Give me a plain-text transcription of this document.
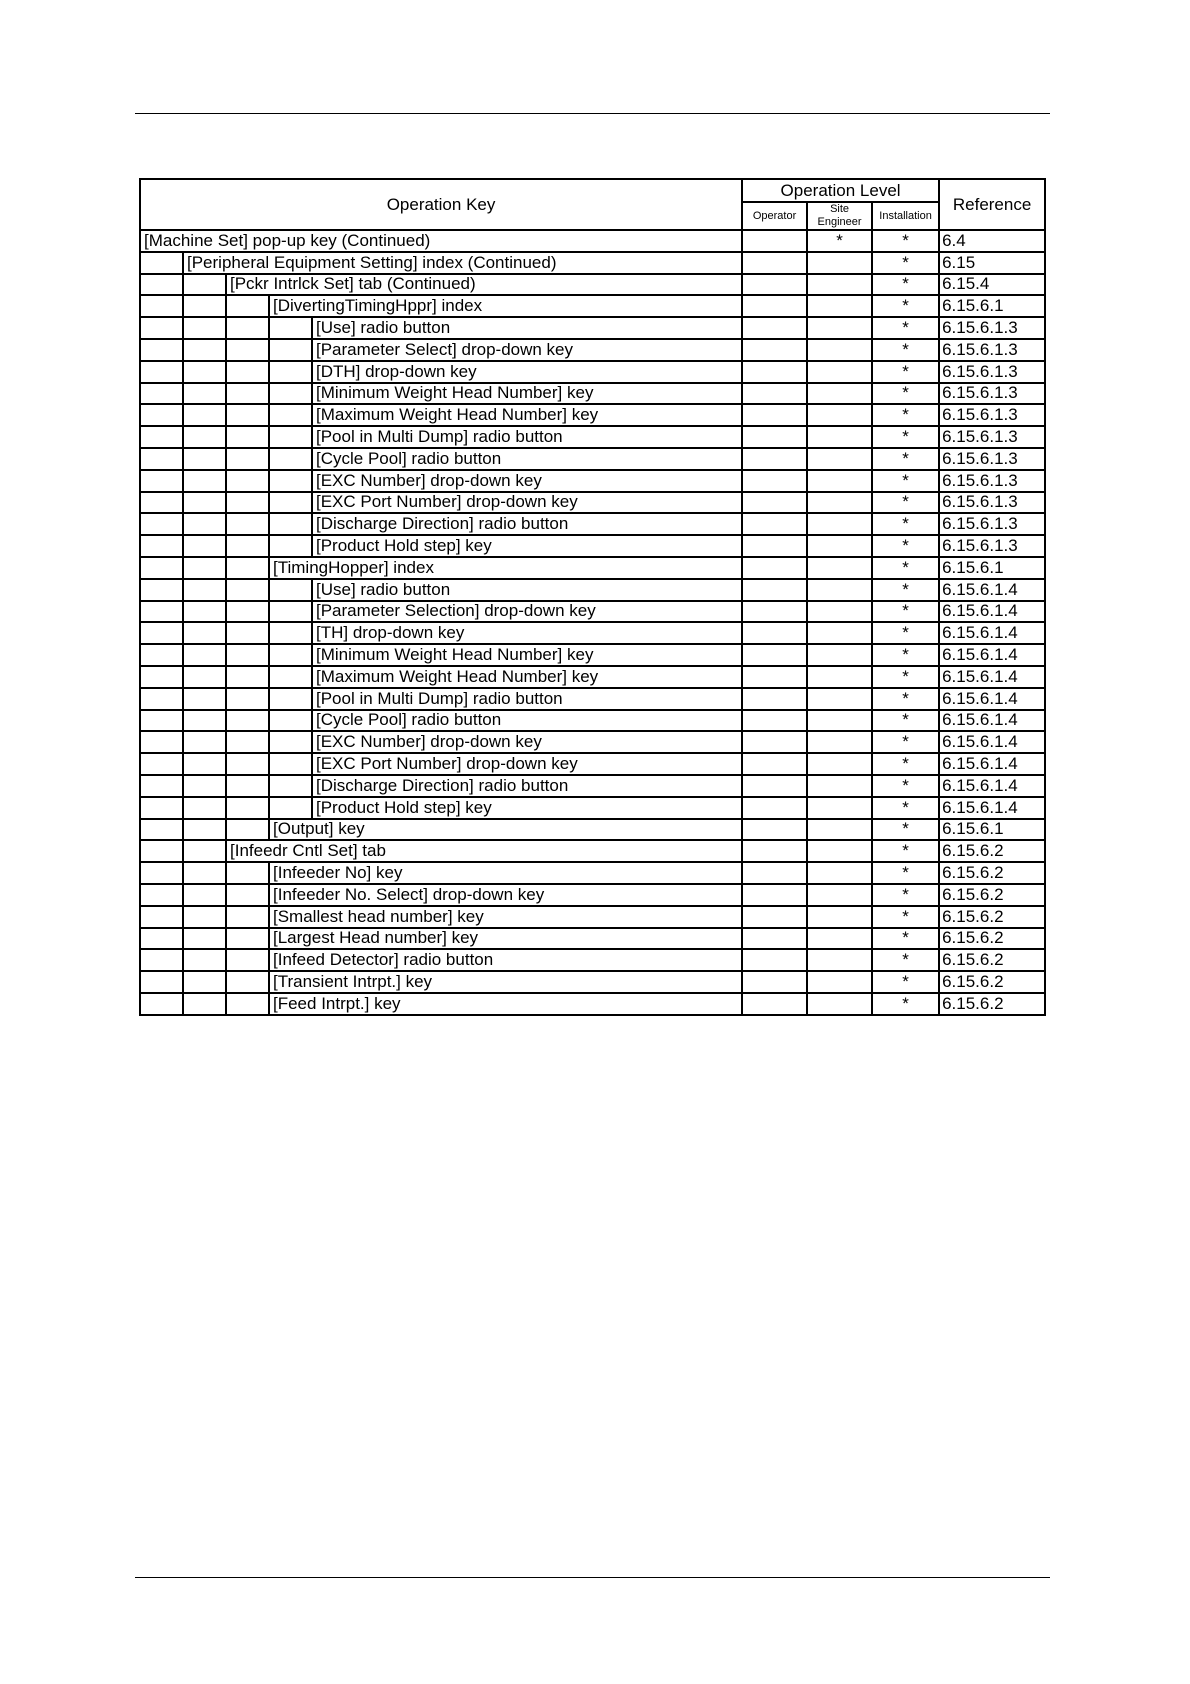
Operation Key					Operation Level			Reference
					Operator	Site Engineer	Installation	
[Machine Set] pop-up key (Continued)						*	*	6.4
	[Peripheral Equipment Setting] index (Continued)						*	6.15
		[Pckr Intrlck Set] tab (Continued)					*	6.15.4
			[DivertingTimingHppr] index				*	6.15.6.1
				[Use] radio button			*	6.15.6.1.3
				[Parameter Select] drop-down key			*	6.15.6.1.3
				[DTH] drop-down key			*	6.15.6.1.3
				[Minimum Weight Head Number] key			*	6.15.6.1.3
				[Maximum Weight Head Number] key			*	6.15.6.1.3
				[Pool in Multi Dump] radio button			*	6.15.6.1.3
				[Cycle Pool] radio button			*	6.15.6.1.3
				[EXC Number] drop-down key			*	6.15.6.1.3
				[EXC Port Number] drop-down key			*	6.15.6.1.3
				[Discharge Direction] radio button			*	6.15.6.1.3
				[Product Hold step] key			*	6.15.6.1.3
			[TimingHopper] index				*	6.15.6.1
				[Use] radio button			*	6.15.6.1.4
				[Parameter Selection] drop-down key			*	6.15.6.1.4
				[TH] drop-down key			*	6.15.6.1.4
				[Minimum Weight Head Number] key			*	6.15.6.1.4
				[Maximum Weight Head Number] key			*	6.15.6.1.4
				[Pool in Multi Dump] radio button			*	6.15.6.1.4
				[Cycle Pool] radio button			*	6.15.6.1.4
				[EXC Number] drop-down key			*	6.15.6.1.4
				[EXC Port Number] drop-down key			*	6.15.6.1.4
				[Discharge Direction] radio button			*	6.15.6.1.4
				[Product Hold step] key			*	6.15.6.1.4
			[Output] key				*	6.15.6.1
		[Infeedr Cntl Set] tab					*	6.15.6.2
			[Infeeder No] key				*	6.15.6.2
			[Infeeder No. Select] drop-down key				*	6.15.6.2
			[Smallest head number] key				*	6.15.6.2
			[Largest Head number] key				*	6.15.6.2
			[Infeed Detector] radio button				*	6.15.6.2
			[Transient Intrpt.] key				*	6.15.6.2
			[Feed Intrpt.] key				*	6.15.6.2
